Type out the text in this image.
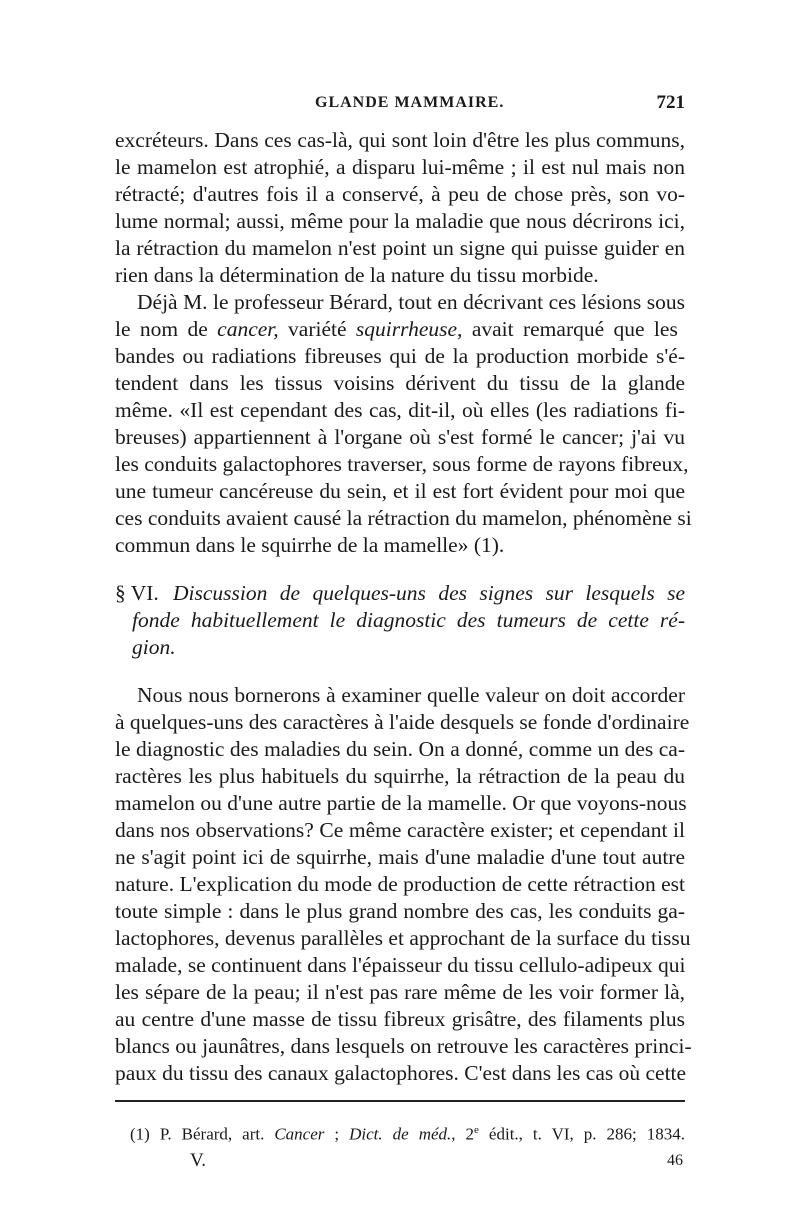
GLANDE MAMMAIRE.	721
excréteurs. Dans ces cas-là, qui sont loin d'être les plus communs,
le mamelon est atrophié, a disparu lui-même ; il est nul mais non
rétracté; d'autres fois il a conservé, à peu de chose près, son vo-
lume normal; aussi, même pour la maladie que nous décrirons ici,
la rétraction du mamelon n'est point un signe qui puisse guider en
rien dans la détermination de la nature du tissu morbide.
Déjà M. le professeur Bérard, tout en décrivant ces lésions sous
le nom de cancer, variété squirrheuse, avait remarqué que les
bandes ou radiations fibreuses qui de la production morbide s'é-
tendent dans les tissus voisins dérivent du tissu de la glande
même. «Il est cependant des cas, dit-il, où elles (les radiations fi-
breuses) appartiennent à l'organe où s'est formé le cancer; j'ai vu
les conduits galactophores traverser, sous forme de rayons fibreux,
une tumeur cancéreuse du sein, et il est fort évident pour moi que
ces conduits avaient causé la rétraction du mamelon, phénomène si
commun dans le squirrhe de la mamelle» (1).
§ VI. Discussion de quelques-uns des signes sur lesquels se
fonde habituellement le diagnostic des tumeurs de cette ré-
gion.
Nous nous bornerons à examiner quelle valeur on doit accorder
à quelques-uns des caractères à l'aide desquels se fonde d'ordinaire
le diagnostic des maladies du sein. On a donné, comme un des ca-
ractères les plus habituels du squirrhe, la rétraction de la peau du
mamelon ou d'une autre partie de la mamelle. Or que voyons-nous
dans nos observations? Ce même caractère exister; et cependant il
ne s'agit point ici de squirrhe, mais d'une maladie d'une tout autre
nature. L'explication du mode de production de cette rétraction est
toute simple : dans le plus grand nombre des cas, les conduits ga-
lactophores, devenus parallèles et approchant de la surface du tissu
malade, se continuent dans l'épaisseur du tissu cellulo-adipeux qui
les sépare de la peau; il n'est pas rare même de les voir former là,
au centre d'une masse de tissu fibreux grisâtre, des filaments plus
blancs ou jaunâtres, dans lesquels on retrouve les caractères princi-
paux du tissu des canaux galactophores. C'est dans les cas où cette
(1) P. Bérard, art. Cancer ; Dict. de méd., 2e édit., t. VI, p. 286; 1834.
V.	46
